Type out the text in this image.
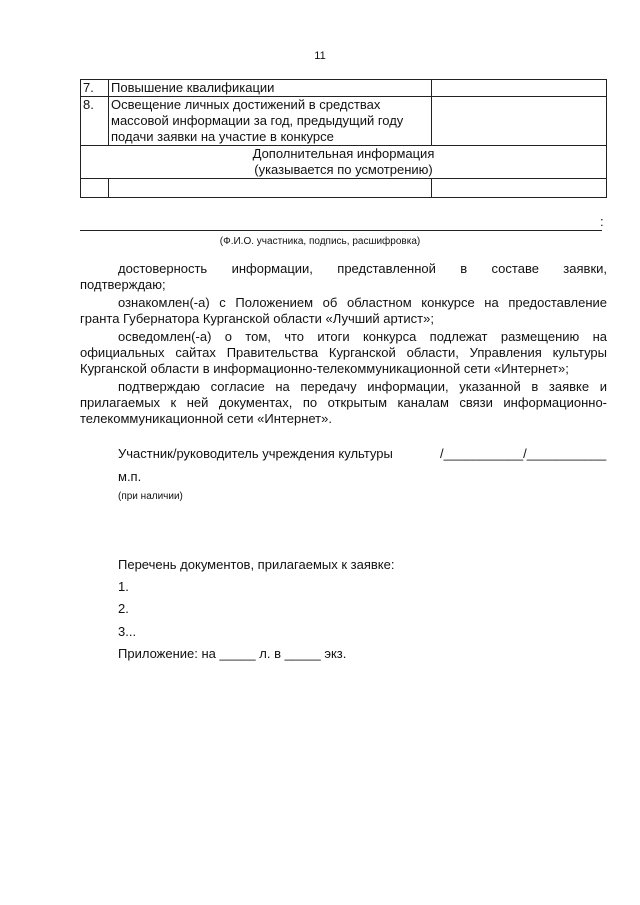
11
7.	Повышение квалификации	
8.	Освещение личных достижений в средствах массовой информации за год, предыдущий году подачи заявки на участие в конкурсе	

Дополнительная информация
(указывается по усмотрению)		

:
(Ф.И.О. участника, подпись, расшифровка)

достоверность информации, представленной в составе заявки,

подтверждаю;

ознакомлен(-а) с Положением об областном конкурсе на предоставление гранта Губернатора Курганской области «Лучший артист»;

осведомлен(-а) о том, что итоги конкурса подлежат размещению на официальных сайтах Правительства Курганской области, Управления культуры Курганской области в информационно-телекоммуникационной сети «Интернет»;

подтверждаю согласие на передачу информации, указанной в заявке и прилагаемых к ней документах, по открытым каналам связи информационно-телекоммуникационной сети «Интернет».

Участник/руководитель учреждения культуры	/___________/___________
м.п.
(при наличии)
Перечень документов, прилагаемых к заявке:
1.
2.
3...
Приложение: на _____ л. в _____ экз.
